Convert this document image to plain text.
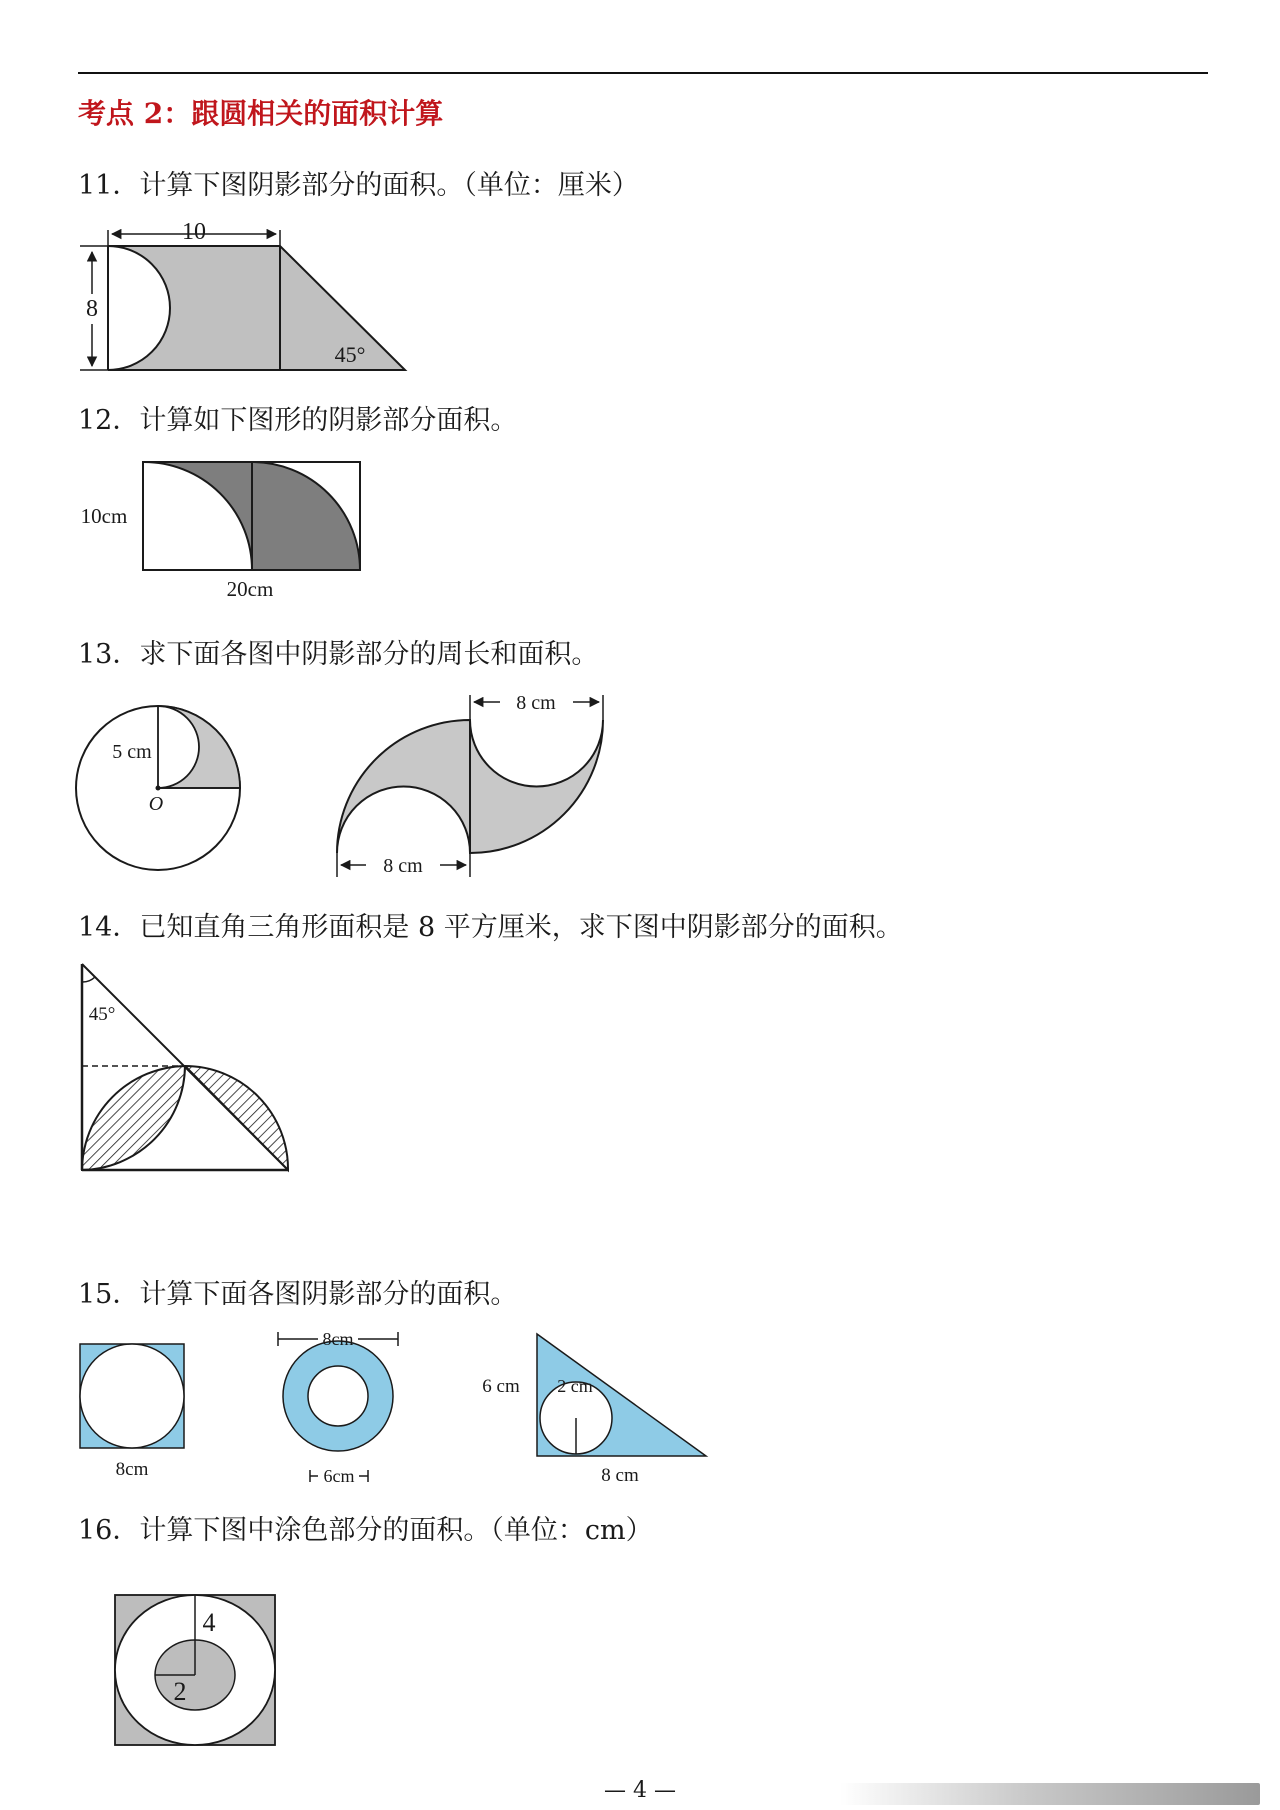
考点 2：跟圆相关的面积计算
11．计算下图阴影部分的面积。（单位：厘米）
10
8
45°
12．计算如下图形的阴影部分面积。
10cm
20cm
13．求下面各图中阴影部分的周长和面积。
5 cm
O
8 cm
8 cm
14．已知直角三角形面积是 8 平方厘米，求下图中阴影部分的面积。
45°
15．计算下面各图阴影部分的面积。
8cm
8cm
6cm
6 cm 2 cm
8 cm
16．计算下图中涂色部分的面积。（单位：cm）
4
2
— 4 —
